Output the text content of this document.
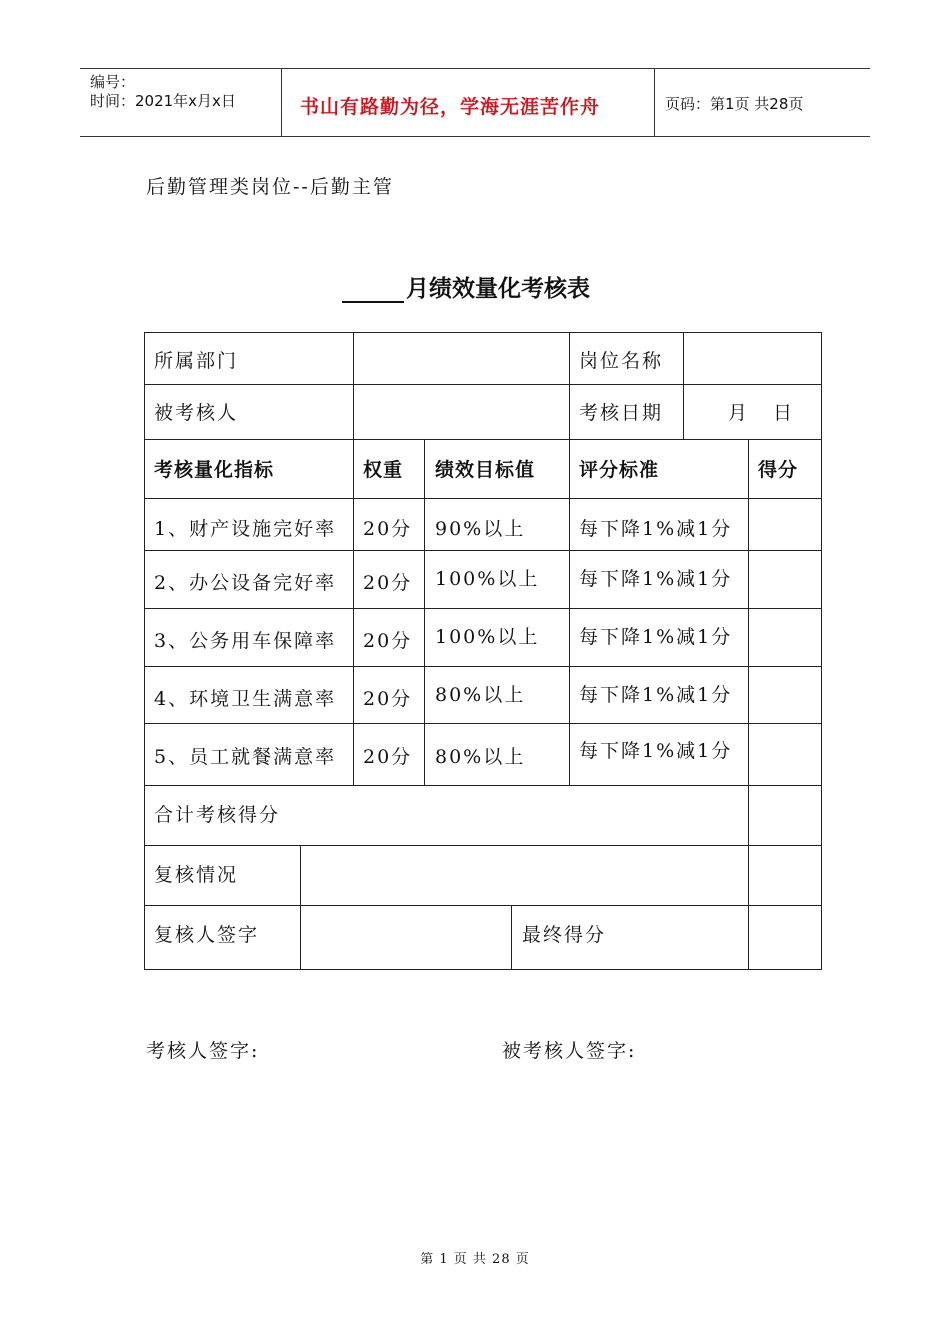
编号：
时间：2021年x月x日	书山有路勤为径，学海无涯苦作舟	页码：第1页 共28页
后勤管理类岗位--后勤主管
月绩效量化考核表
所属部门	岗位名称
被考核人	考核日期	月 日
考核量化指标	权重 绩效目标值 评分标准	得分
1、财产设施完好率 20分 90%以上	每下降1%减1分
2、办公设备完好率 20分 100%以上 每下降1%减1分
3、公务用车保障率 20分 100%以上 每下降1%减1分
4、环境卫生满意率 20分 80%以上	每下降1%减1分
5、员工就餐满意率 20分 80%以上	每下降1%减1分
合计考核得分
复核情况
复核人签字	最终得分
考核人签字:	被考核人签字:
第 1 页 共 28 页
